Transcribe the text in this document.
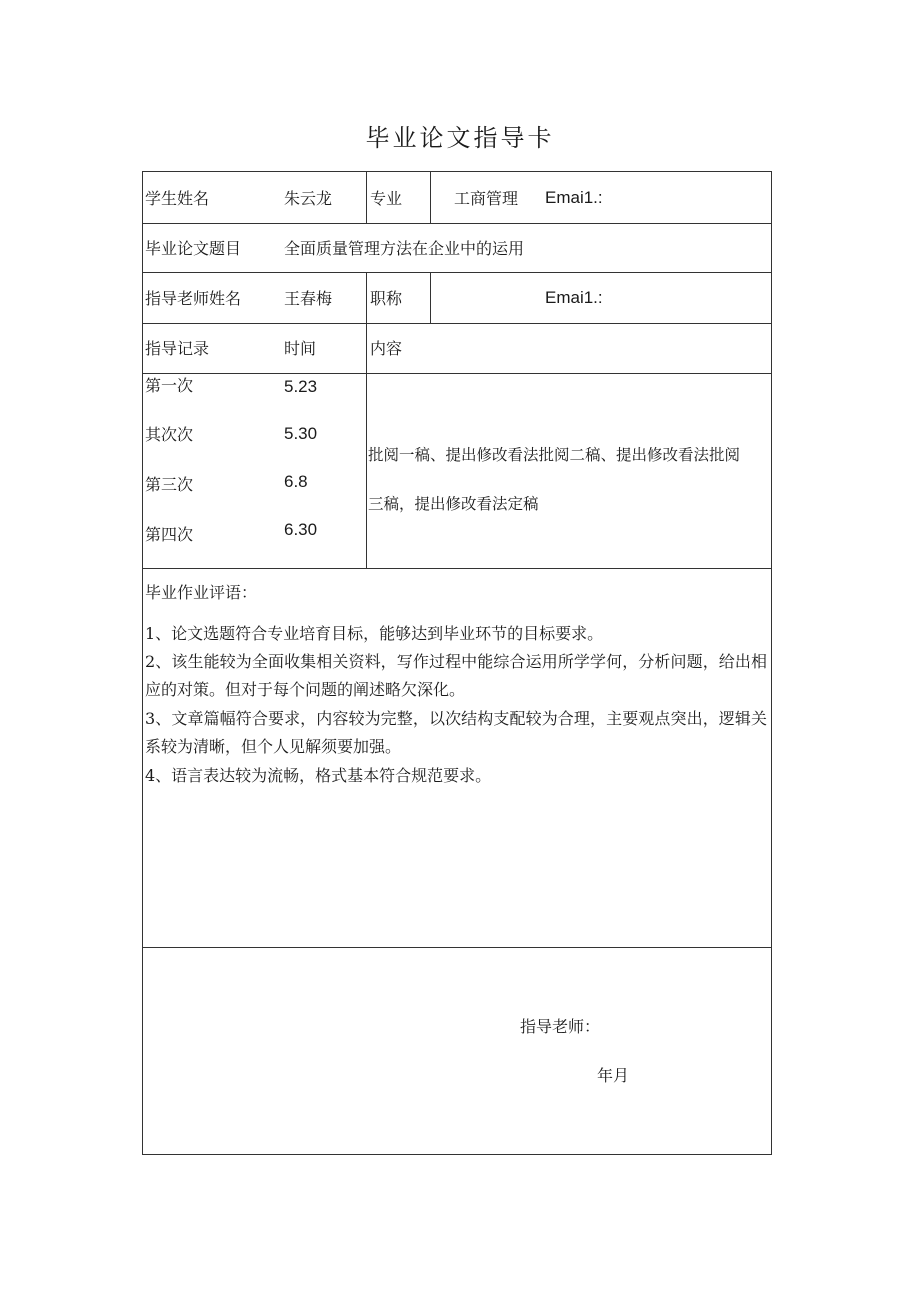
毕业论文指导卡
学生姓名	朱云龙 专业	工商管理 Emai1.:
毕业论文题目	全面质量管理方法在企业中的运用
指导老师姓名	王春梅 职称	Emai1.:
指导记录	时间	内容
第一次	5.23
其次次	5.30
第三次	6.8
第四次	6.30
批阅一稿、提出修改看法批阅二稿、提出修改看法批阅
三稿，提出修改看法定稿
毕业作业评语：
1、论文选题符合专业培育目标，能够达到毕业环节的目标要求。
2、该生能较为全面收集相关资料，写作过程中能综合运用所学学何，分析问题，给出相应的对策。但对于每个问题的阐述略欠深化。
3、文章篇幅符合要求，内容较为完整，以次结构支配较为合理，主要观点突出，逻辑关系较为清晰，但个人见解须要加强。
4、语言表达较为流畅，格式基本符合规范要求。
指导老师：
年月
